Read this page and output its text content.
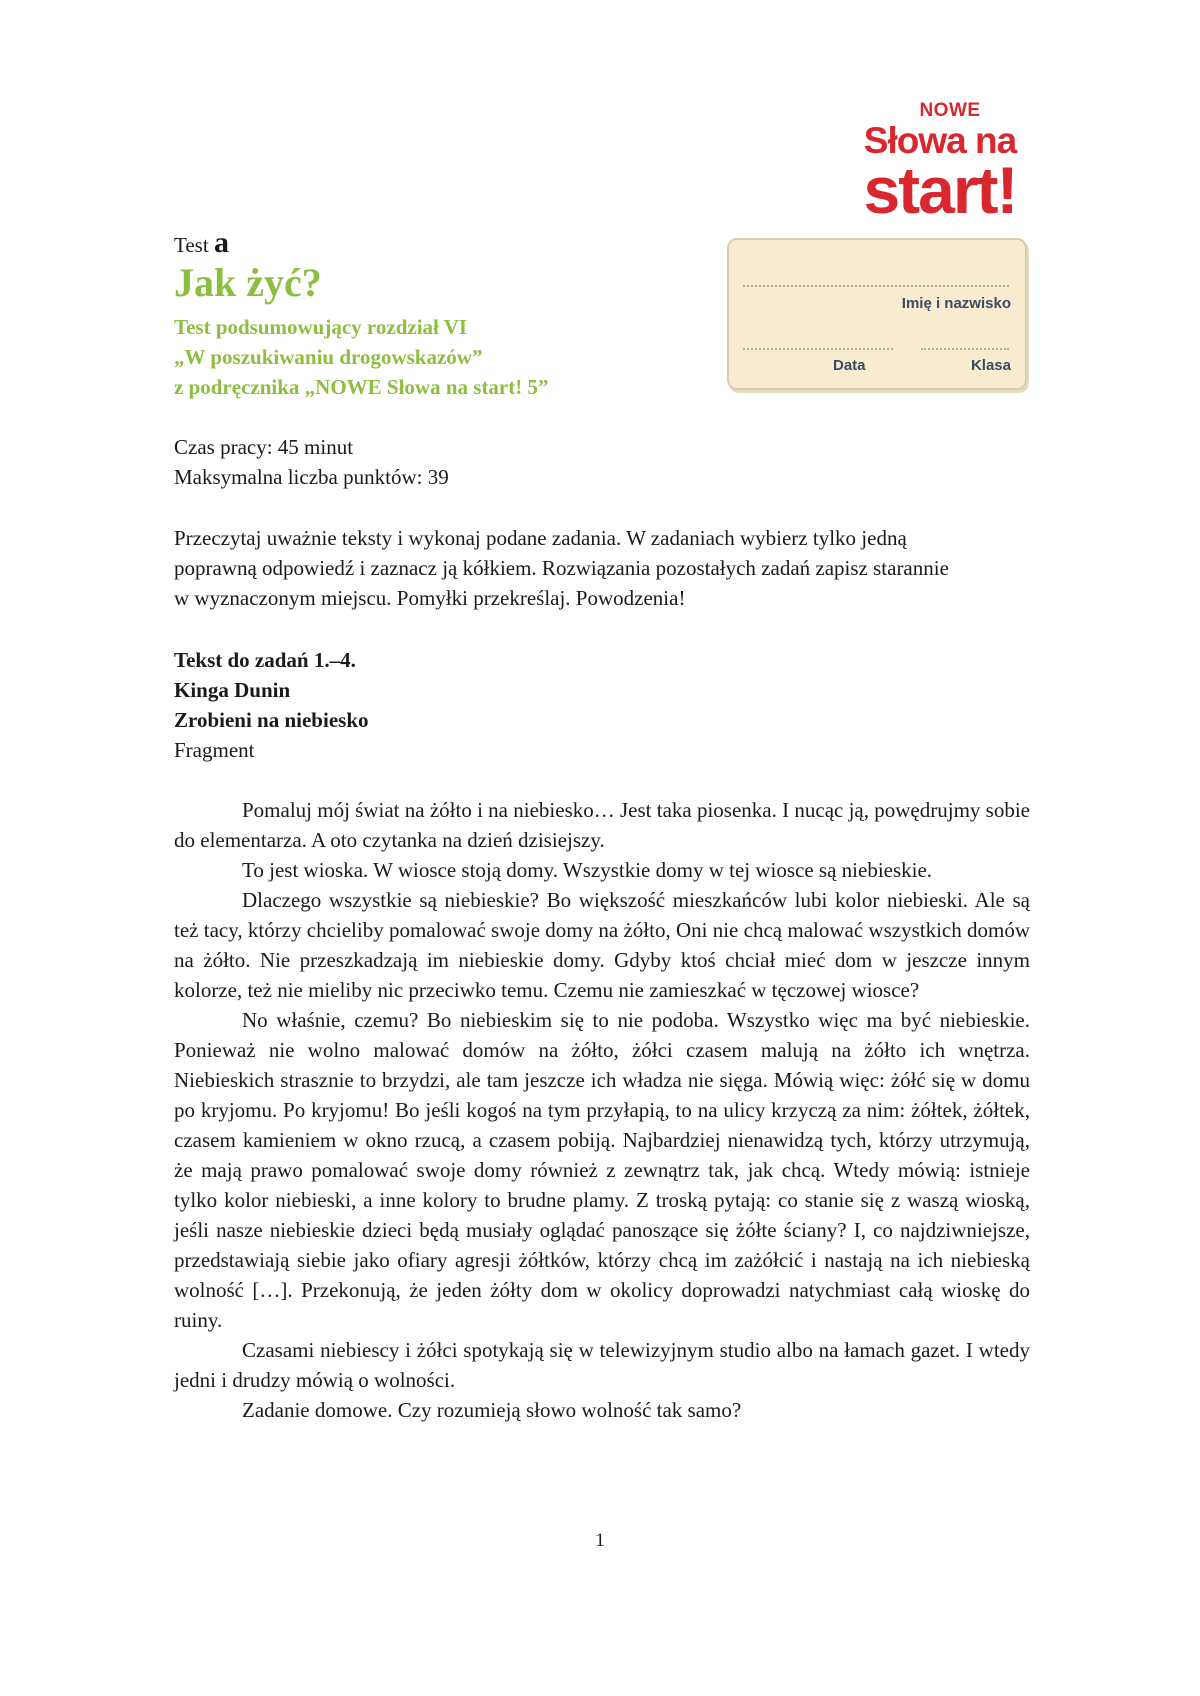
NOWE
Słowa na
start!
Imię i nazwisko
Data	Klasa
Test a
Jak żyć?
Test podsumowujący rozdział VI
„W poszukiwaniu drogowskazów”
z podręcznika „NOWE Słowa na start! 5”
Czas pracy: 45 minut
Maksymalna liczba punktów: 39
Przeczytaj uważnie teksty i wykonaj podane zadania. W zadaniach wybierz tylko jedną
poprawną odpowiedź i zaznacz ją kółkiem. Rozwiązania pozostałych zadań zapisz starannie
w wyznaczonym miejscu. Pomyłki przekreślaj. Powodzenia!
Tekst do zadań 1.–4.
Kinga Dunin
Zrobieni na niebiesko
Fragment

Pomaluj mój świat na żółto i na niebiesko… Jest taka piosenka. I nucąc ją, powędrujmy sobie do elementarza. A oto czytanka na dzień dzisiejszy.

To jest wioska. W wiosce stoją domy. Wszystkie domy w tej wiosce są niebieskie.

Dlaczego wszystkie są niebieskie? Bo większość mieszkańców lubi kolor niebieski. Ale są też tacy, którzy chcieliby pomalować swoje domy na żółto, Oni nie chcą malować wszystkich domów na żółto. Nie przeszkadzają im niebieskie domy. Gdyby ktoś chciał mieć dom w jeszcze innym kolorze, też nie mieliby nic przeciwko temu. Czemu nie zamieszkać w tęczowej wiosce?

No właśnie, czemu? Bo niebieskim się to nie podoba. Wszystko więc ma być niebieskie. Ponieważ nie wolno malować domów na żółto, żółci czasem malują na żółto ich wnętrza. Niebieskich strasznie to brzydzi, ale tam jeszcze ich władza nie sięga. Mówią więc: żółć się w domu po kryjomu. Po kryjomu! Bo jeśli kogoś na tym przyłapią, to na ulicy krzyczą za nim: żółtek, żółtek, czasem kamieniem w okno rzucą, a czasem pobiją. Najbardziej nienawidzą tych, którzy utrzymują, że mają prawo pomalować swoje domy również z zewnątrz tak, jak chcą. Wtedy mówią: istnieje tylko kolor niebieski, a inne kolory to brudne plamy. Z troską pytają: co stanie się z waszą wioską, jeśli nasze niebieskie dzieci będą musiały oglądać panoszące się żółte ściany? I, co najdziwniejsze, przedstawiają siebie jako ofiary agresji żółtków, którzy chcą im zażółcić i nastają na ich niebieską wolność […]. Przekonują, że jeden żółty dom w okolicy doprowadzi natychmiast całą wioskę do ruiny.

Czasami niebiescy i żółci spotykają się w telewizyjnym studio albo na łamach gazet. I wtedy jedni i drudzy mówią o wolności.

Zadanie domowe. Czy rozumieją słowo wolność tak samo?

1
